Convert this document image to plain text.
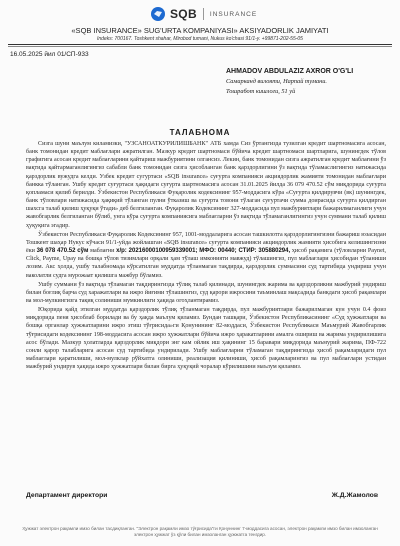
SQB INSURANCE
«SQB INSURANCE» SUG'URTA KOMPANIYASI» AKSIYADORLIK JAMIYATI
Indeks: 700167. Toshkent shahar, Mirobod tumani, Nukus ko'chasi 91/1-y. +99871-202-55-05
16.05.2025 йил 01/СП-933
AHMADOV ABDULAZIZ AXROR O'G'LI
Самарканд вилояти, Нарпай тумани.
Тошработ кишлоги, 51 уй
ТАЛАБНОМА

Сизга шуни маълум киламизки, "УЗСАНОАТКУРИЛИШБАНК" АТБ хамда Сиз ўртангизда тузилган кредит шартномасига асосан, банк томонидан кредит маблағлари ажратилган. Мазкур кредит шартномаси бўйича кредит шартномаси шартларига, шунингдек тўлов графигига асосан кредит маблағларини қайтариш мажбуриятини олгансиз. Лекин, банк томонидан сизга ажратилган кредит маблағини ўз вақтида қайтармаганлигингиз сабабли банк томонидан сизга ҳисобланган банк қарздорлигини ўз вақтида тўламаслигингиз натижасида қарздорлик вужудга келди. Узбек кредит сугуртаси «SQB insurance» суғурта компанияси акциядорлик жамияти томонидан маблағлари банкка тўланган. Ушбу кредит суғуртаси ҳақидаги суғурта шартномасига асосан 31.01.2025 йилда 36 079 470.52 сўм миқдорида суғурта қопламаси қилиб берилди. Ўзбекистон Республикаси Фуқаролик кодексининг 957-моддасига кўра «Суғурта қилдирувчи (вк) шунингдек, банк тўловлари натижасида ҳақиқий тўланган пулни ўтказиш ва суғурта товони тўлаган суғуртачи сумма доирасида суғурта қилдирган шахсга талаб қилиш ҳуқуқи ўтади» деб белгиланган. Фуқаролик Кодексининг 327-моддасида пул мажбуриятлари бажарилмаганлиги учун жавобгарлик белгиланган бўлиб, унга кўра суғурта компаниясига маблағларни ўз вақтида тўламаганлигингиз учун суммани талаб қилиш ҳуқуқига эгадир.

Ўзбекистон Республикаси Фуқаролик Кодексининг 957, 1001-моддаларига асосан ташкилотга қарздорлигингизни бажариш юзасидан Тошкент шаҳар Нукус кўчаси 91/1-уйда жойлашган «SQB insurance» суғурта компанияси акциядорлик жамияти ҳисобига келишингизни ёки 36 078 470.52 сўм маблағни х/р: 20216000100959339001; МФО: 00440; СТИР: 305880294, ҳисоб рақамига (тўловларни Paynet, Click, Payme, Upay ва бошқа тўлов тизимлари орқали ҳам тўлаш имконияти мавжуд) тўлашингиз, пул маблағлари ҳисобидан тўланиши лозим. Акс ҳолда, ушбу талабномада кўрсатилган муддатда тўланмаган тақдирда, қарздорлик суммасини суд тартибида ундириш учун ваколатли судга мурожаат қилишга мажбур бўламиз.

Ушбу суммани ўз вақтида тўламаган тақдирингизда тўлиқ талаб қилинади, шунингдек жарима ва қарздорликни мажбурий ундириш билан боғлиқ барча суд харажатлари ва ижро йиғими тўлашингиз, суд қарори ижросини таъминлаш мақсадида банкдаги ҳисоб рақамлари ва мол-мулкингизга тақиқ солиниши мумкинлиги ҳақида огоҳлантирамиз.

Юқорида қайд этилган муддатда қарздорлик тўлиқ тўланмаган тақдирда, пул мажбуриятлари бажарилмаган кун учун 0.4 фоиз миқдорида пеня ҳисоблаб борилади ва бу ҳақда маълум қиламиз. Бундан ташқари, Ўзбекистон Республикасининг «Суд ҳужжатлари ва бошқа органлар ҳужжатларини ижро этиш тўғрисида»ги Қонунининг 82-моддаси, Ўзбекистон Республикаси Маъмурий Жавобгарлик тўғрисидаги кодексининг 198-моддасига асосан ижро ҳужжатлари бўйича ижро ҳаракатларини амалга ошириш ва жарима ундирилишига асос бўлади. Мазкур ҳолатларда қарздорлик миқдори энг кам ойлик иш ҳақининг 15 баравари миқдорида маъмурий жарима, ПФ-722 сонли қарор талабларига асосан суд тартибида ундирилади. Ушбу маблағларни тўламаган тақдирингизда ҳисоб рақамларидаги пул маблағлари қаратилиши, мол-мулклар рўйхатга олиниши, реализация қилиниши, ҳисоб рақамларингиз ва пул маблағлари устидан мажбурий ундирув ҳақида ижро ҳужжатлари билан бирга ҳуқуқий чоралар кўрилишини маълум қиламиз.

Департамент директори	Ж.Д.Жамолов
Ҳужжат электрон рақамли имзо билан тасдиқланган. "Электрон рақамли имзо тўғрисида"ги Қонуннинг 7-моддасига асосан, электрон рақамли имзо билан имзоланган электрон ҳужжат ўз қўли билан имзоланган ҳужжатга тенгдир.
